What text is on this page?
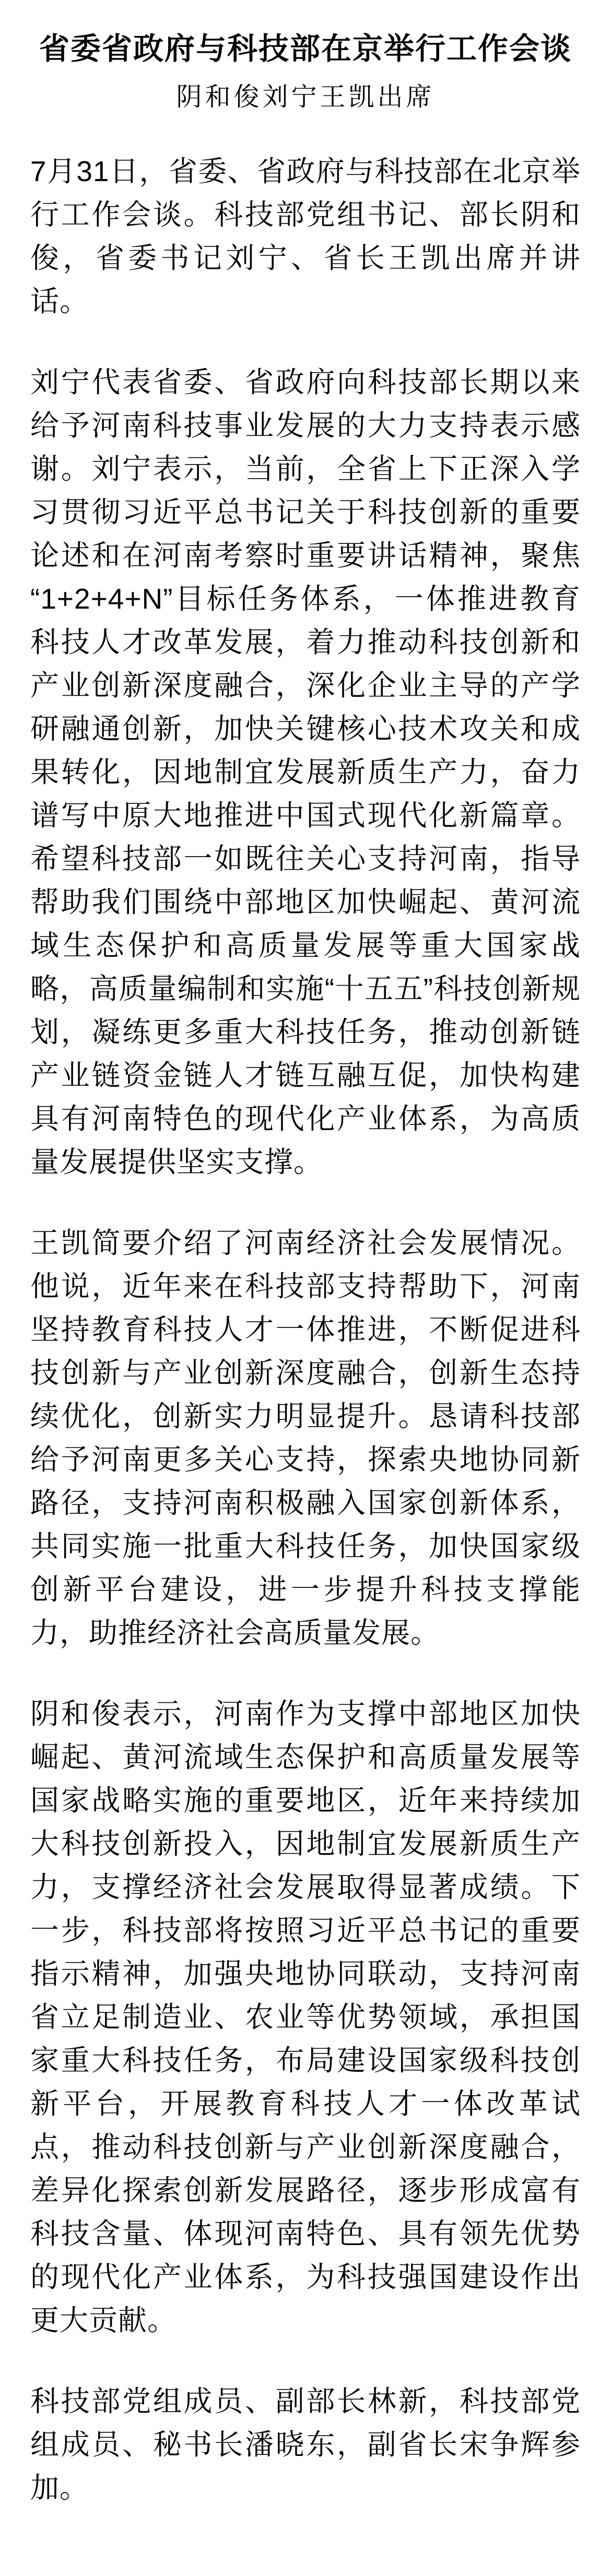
省委省政府与科技部在京举行工作会谈
阴和俊刘宁王凯出席

7月31日，省委、省政府与科技部在北京举行工作会谈。科技部党组书记、部长阴和俊，省委书记刘宁、省长王凯出席并讲话。

刘宁代表省委、省政府向科技部长期以来给予河南科技事业发展的大力支持表示感谢。刘宁表示，当前，全省上下正深入学习贯彻习近平总书记关于科技创新的重要论述和在河南考察时重要讲话精神，聚焦“1+2+4+N”目标任务体系，一体推进教育科技人才改革发展，着力推动科技创新和产业创新深度融合，深化企业主导的产学研融通创新，加快关键核心技术攻关和成果转化，因地制宜发展新质生产力，奋力谱写中原大地推进中国式现代化新篇章。希望科技部一如既往关心支持河南，指导帮助我们围绕中部地区加快崛起、黄河流域生态保护和高质量发展等重大国家战略，高质量编制和实施“十五五”科技创新规划，凝练更多重大科技任务，推动创新链产业链资金链人才链互融互促，加快构建具有河南特色的现代化产业体系，为高质量发展提供坚实支撑。

王凯简要介绍了河南经济社会发展情况。他说，近年来在科技部支持帮助下，河南坚持教育科技人才一体推进，不断促进科技创新与产业创新深度融合，创新生态持续优化，创新实力明显提升。恳请科技部给予河南更多关心支持，探索央地协同新路径，支持河南积极融入国家创新体系，共同实施一批重大科技任务，加快国家级创新平台建设，进一步提升科技支撑能力，助推经济社会高质量发展。

阴和俊表示，河南作为支撑中部地区加快崛起、黄河流域生态保护和高质量发展等国家战略实施的重要地区，近年来持续加大科技创新投入，因地制宜发展新质生产力，支撑经济社会发展取得显著成绩。下一步，科技部将按照习近平总书记的重要指示精神，加强央地协同联动，支持河南省立足制造业、农业等优势领域，承担国家重大科技任务，布局建设国家级科技创新平台，开展教育科技人才一体改革试点，推动科技创新与产业创新深度融合，差异化探索创新发展路径，逐步形成富有科技含量、体现河南特色、具有领先优势的现代化产业体系，为科技强国建设作出更大贡献。

科技部党组成员、副部长林新，科技部党组成员、秘书长潘晓东，副省长宋争辉参加。
